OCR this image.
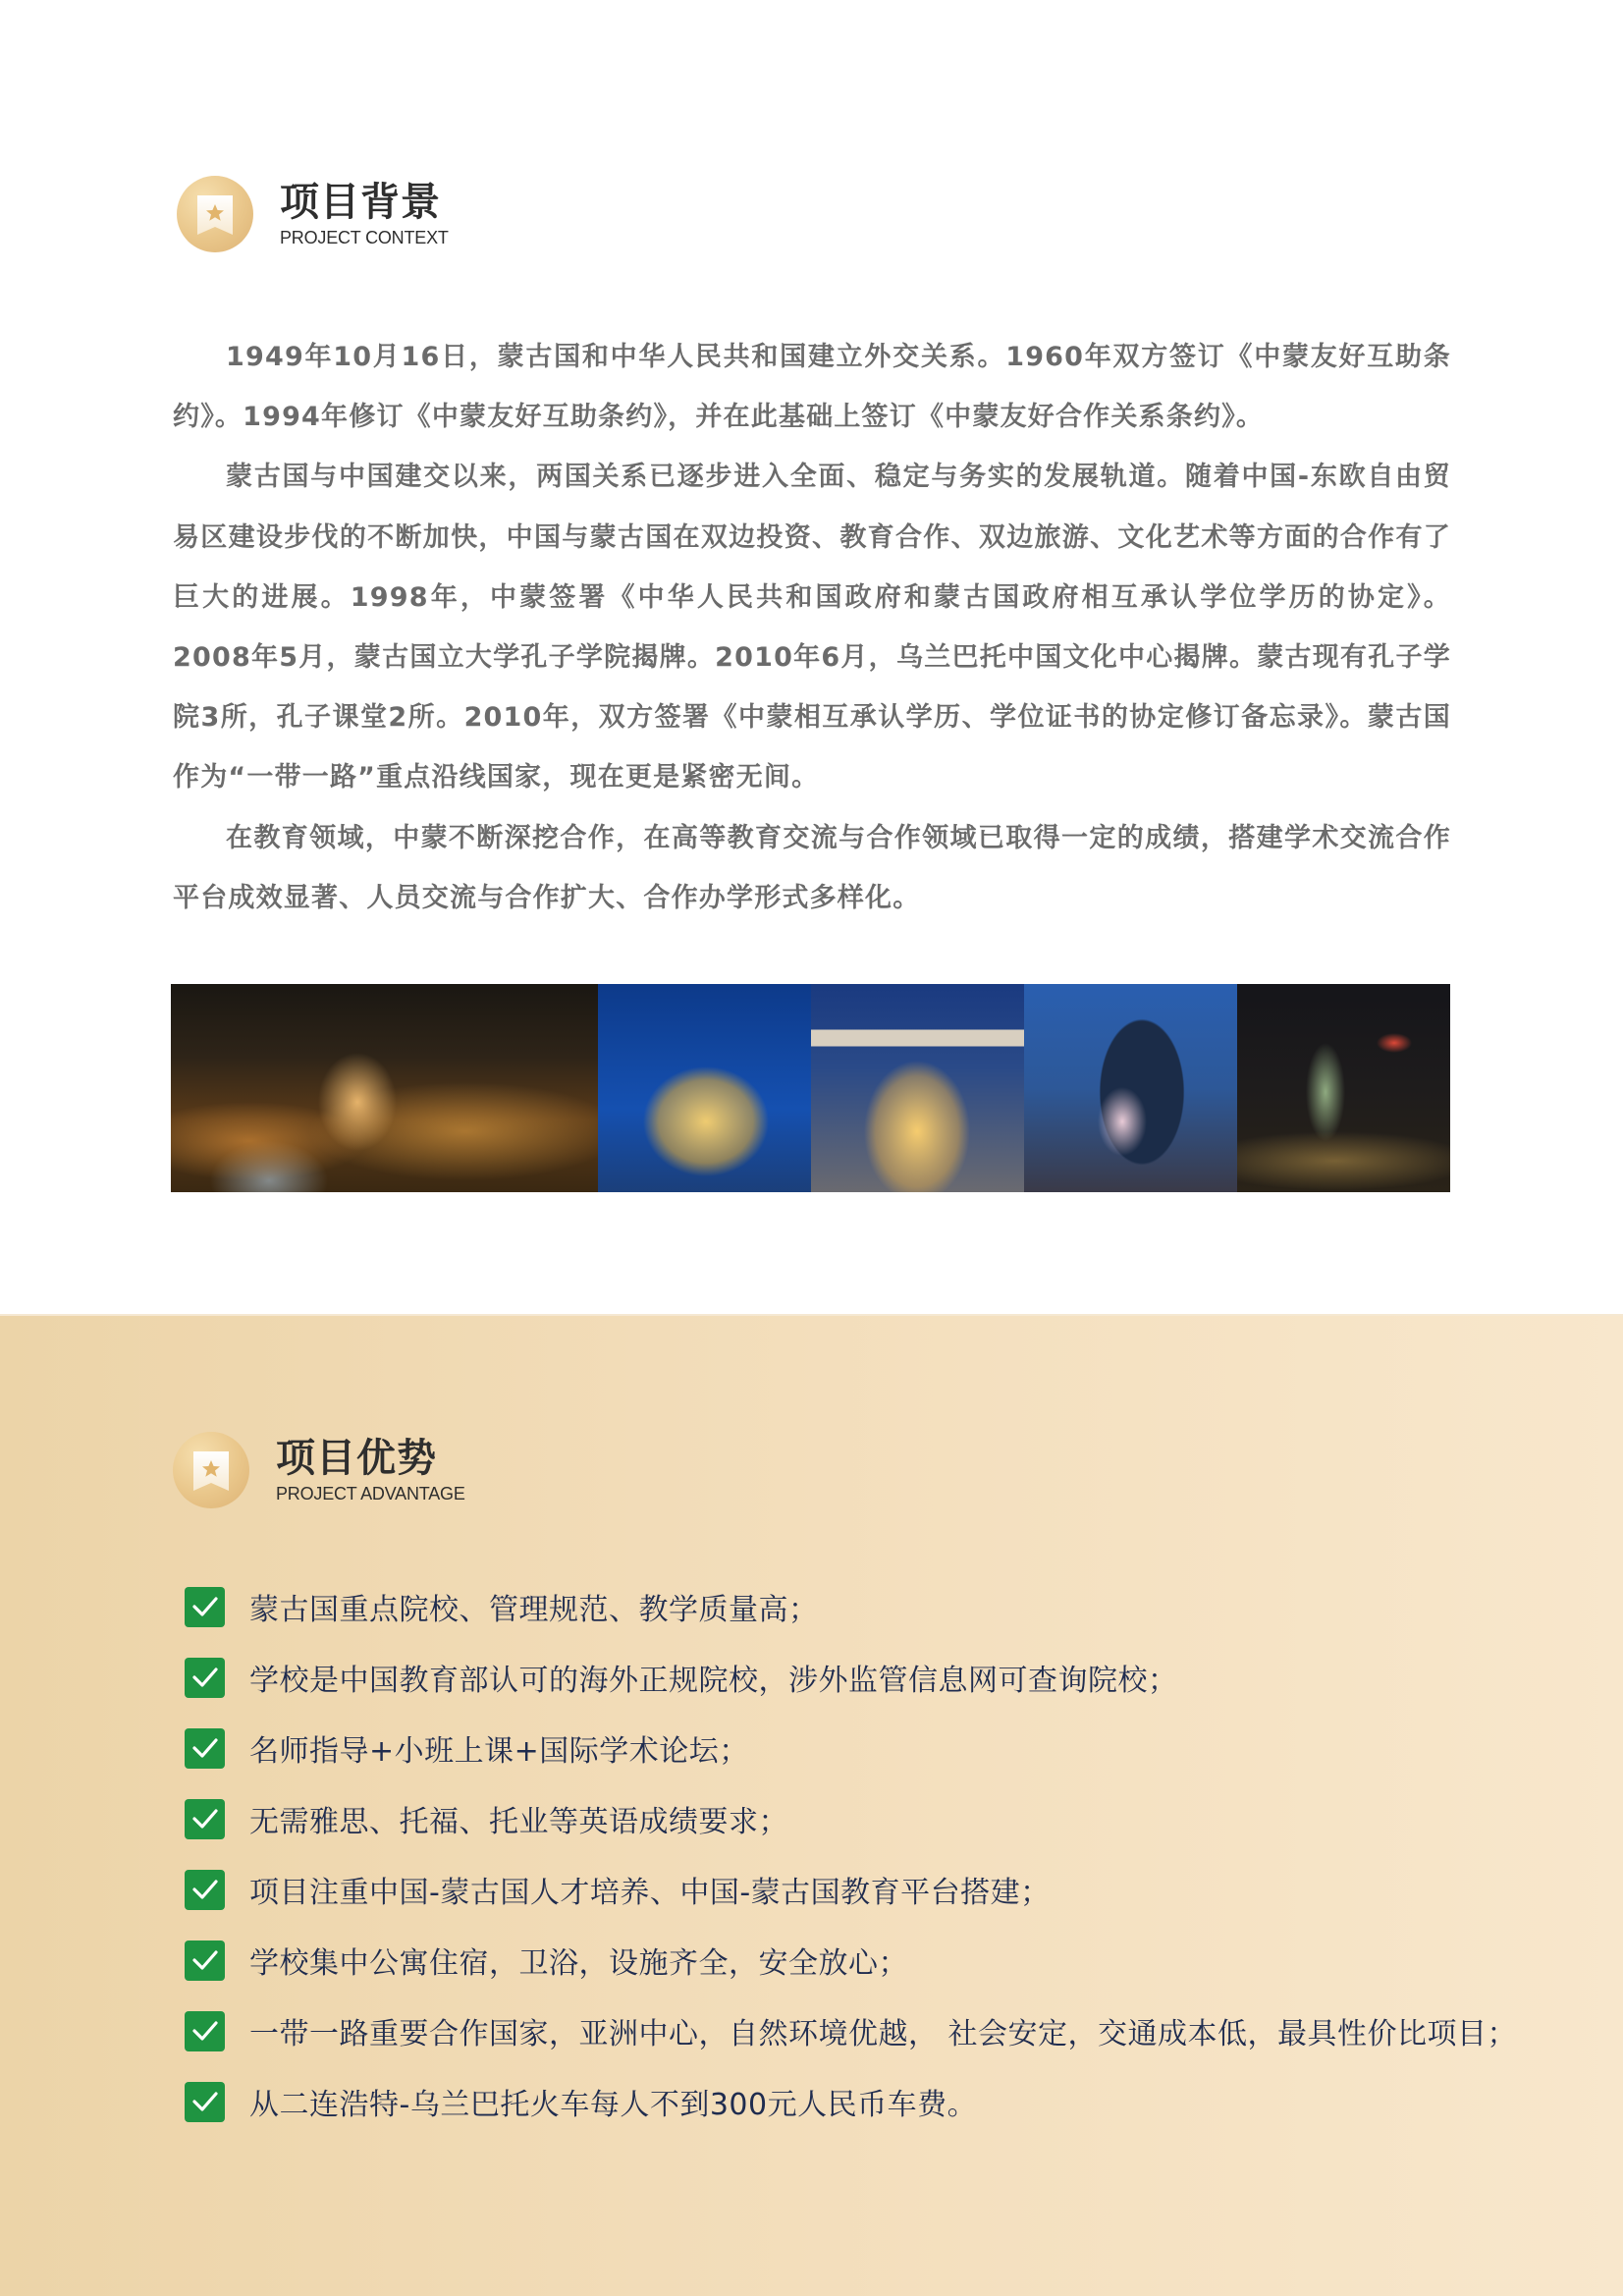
项目背景
PROJECT CONTEXT

1949年10月16日，蒙古国和中华人民共和国建立外交关系。1960年双方签订《中蒙友好互助条约》。1994年修订《中蒙友好互助条约》，并在此基础上签订《中蒙友好合作关系条约》。

蒙古国与中国建交以来，两国关系已逐步进入全面、稳定与务实的发展轨道。随着中国-东欧自由贸易区建设步伐的不断加快，中国与蒙古国在双边投资、教育合作、双边旅游、文化艺术等方面的合作有了巨大的进展。1998年，中蒙签署《中华人民共和国政府和蒙古国政府相互承认学位学历的协定》。2008年5月，蒙古国立大学孔子学院揭牌。2010年6月，乌兰巴托中国文化中心揭牌。蒙古现有孔子学院3所，孔子课堂2所。2010年，双方签署《中蒙相互承认学历、学位证书的协定修订备忘录》。蒙古国作为“一带一路”重点沿线国家，现在更是紧密无间。

在教育领域，中蒙不断深挖合作，在高等教育交流与合作领域已取得一定的成绩，搭建学术交流合作平台成效显著、人员交流与合作扩大、合作办学形式多样化。

项目优势
PROJECT ADVANTAGE
蒙古国重点院校、管理规范、教学质量高；
学校是中国教育部认可的海外正规院校，涉外监管信息网可查询院校；
名师指导+小班上课+国际学术论坛；
无需雅思、托福、托业等英语成绩要求；
项目注重中国-蒙古国人才培养、中国-蒙古国教育平台搭建；
学校集中公寓住宿，卫浴，设施齐全，安全放心；
一带一路重要合作国家，亚洲中心，自然环境优越， 社会安定，交通成本低，最具性价比项目；
从二连浩特-乌兰巴托火车每人不到300元人民币车费。
